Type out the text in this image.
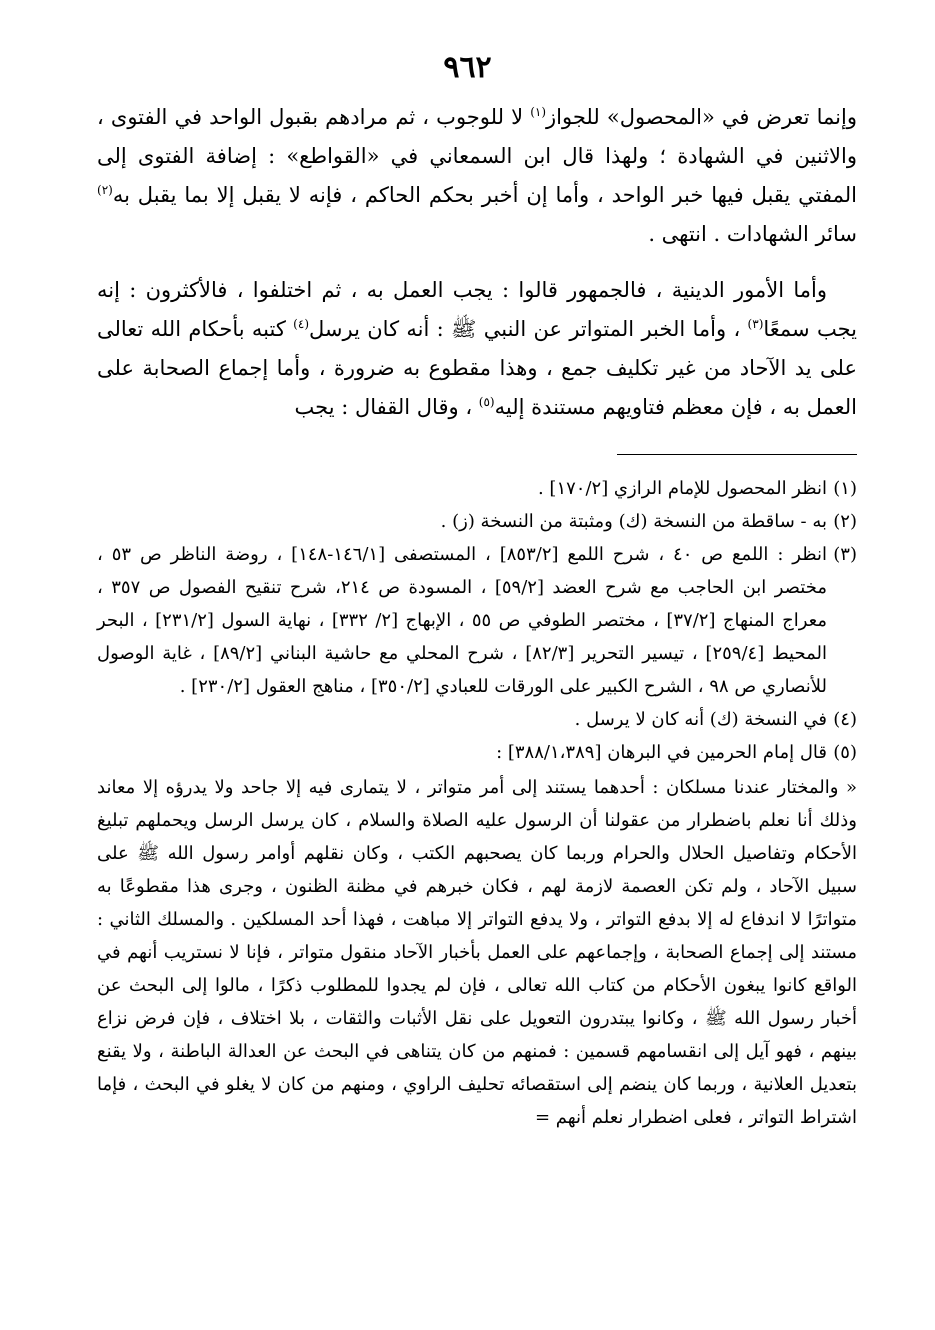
٩٦٢

وإنما تعرض في «المحصول» للجواز$^{(١)}$ لا للوجوب ، ثم مرادهم بقبول الواحد في الفتوى ، والاثنين في الشهادة ؛ ولهذا قال ابن السمعاني في «القواطع» : إضافة الفتوى إلى المفتي يقبل فيها خبر الواحد ، وأما إن أخبر بحكم الحاكم ، فإنه لا يقبل إلا بما يقبل به$^{(٢)}$ سائر الشهادات . انتهى .

وأما الأمور الدينية ، فالجمهور قالوا : يجب العمل به ، ثم اختلفوا ، فالأكثرون : إنه يجب سمعًا$^{(٣)}$ ، وأما الخبر المتواتر عن النبي ﷺ : أنه كان يرسل$^{(٤)}$ كتبه بأحكام الله تعالى على يد الآحاد من غير تكليف جمع ، وهذا مقطوع به ضرورة ، وأما إجماع الصحابة على العمل به ، فإن معظم فتاويهم مستندة إليه$^{(٥)}$ ، وقال القفال : يجب

(١)

انظر المحصول للإمام الرازي [١٧٠/٢] .

(٢)

به - ساقطة من النسخة (ك) ومثبتة من النسخة (ز) .

(٣)

انظر : اللمع ص ٤٠ ، شرح اللمع [٨٥٣/٢] ، المستصفى [١٤٦/١-١٤٨] ، روضة الناظر ص ٥٣ ، مختصر ابن الحاجب مع شرح العضد [٥٩/٢] ، المسودة ص ٢١٤، شرح تنقيح الفصول ص ٣٥٧ ، معراج المنهاج [٣٧/٢] ، مختصر الطوفي ص ٥٥ ، الإبهاج [٢/ ٣٣٢] ، نهاية السول [٢٣١/٢] ، البحر المحيط [٢٥٩/٤] ، تيسير التحرير [٨٢/٣] ، شرح المحلي مع حاشية البناني [٨٩/٢] ، غاية الوصول للأنصاري ص ٩٨ ، الشرح الكبير على الورقات للعبادي [٣٥٠/٢] ، مناهج العقول [٢٣٠/٢] .

(٤)

في النسخة (ك) أنه كان لا يرسل .

(٥)

قال إمام الحرمين في البرهان [٣٨٨/١،٣٨٩] :

« والمختار عندنا مسلكان : أحدهما يستند إلى أمر متواتر ، لا يتمارى فيه إلا جاحد ولا يدرؤه إلا معاند وذلك أنا نعلم باضطرار من عقولنا أن الرسول عليه الصلاة والسلام ، كان يرسل الرسل ويحملهم تبليغ الأحكام وتفاصيل الحلال والحرام وربما كان يصحبهم الكتب ، وكان نقلهم أوامر رسول الله ﷺ على سبيل الآحاد ، ولم تكن العصمة لازمة لهم ، فكان خبرهم في مظنة الظنون ، وجرى هذا مقطوعًا به متواترًا لا اندفاع له إلا بدفع التواتر ، ولا يدفع التواتر إلا مباهت ، فهذا أحد المسلكين . والمسلك الثاني : مستند إلى إجماع الصحابة ، وإجماعهم على العمل بأخبار الآحاد منقول متواتر ، فإنا لا نستريب أنهم في الواقع كانوا يبغون الأحكام من كتاب الله تعالى ، فإن لم يجدوا للمطلوب ذكرًا ، مالوا إلى البحث عن أخبار رسول الله ﷺ ، وكانوا يبتدرون التعويل على نقل الأثبات والثقات ، بلا اختلاف ، فإن فرض نزاع بينهم ، فهو آيل إلى انقسامهم قسمين : فمنهم من كان يتناهى في البحث عن العدالة الباطنة ، ولا يقنع بتعديل العلانية ، وربما كان ينضم إلى استقصائه تحليف الراوي ، ومنهم من كان لا يغلو في البحث ، فإما اشتراط التواتر ، فعلى اضطرار نعلم أنهم =
